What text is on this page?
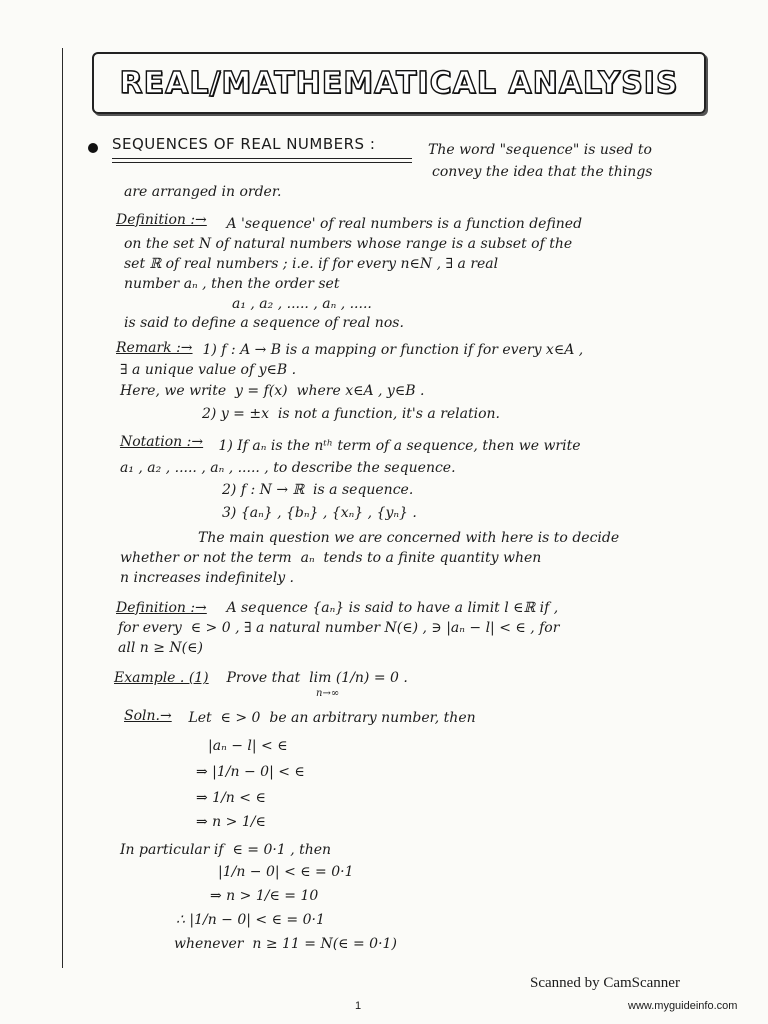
REAL/MATHEMATICAL ANALYSIS
SEQUENCES OF REAL NUMBERS :	The word "sequence" is used to
convey the idea that the things
are arranged in order.
Definition :→ A 'sequence' of real numbers is a function defined
on the set N of natural numbers whose range is a subset of the
set ℝ of real numbers ; i.e. if for every n∈N , ∃ a real
number aₙ , then the order set
a₁ , a₂ , ..... , aₙ , .....
is said to define a sequence of real nos.
Remark :→ 1) f : A → B is a mapping or function if for every x∈A ,
∃ a unique value of y∈B .
Here, we write  y = f(x)  where x∈A , y∈B .
2) y = ±x  is not a function, it's a relation.
Notation :→ 1) If aₙ is the nᵗʰ term of a sequence, then we write
a₁ , a₂ , ..... , aₙ , ..... , to describe the sequence.
2) f : N → ℝ  is a sequence.
3) {aₙ} , {bₙ} , {xₙ} , {yₙ} .
The main question we are concerned with here is to decide
whether or not the term  aₙ  tends to a finite quantity when
n increases indefinitely .
Definition :→ A sequence {aₙ} is said to have a limit l ∈ℝ if ,
for every  ∈ > 0 , ∃ a natural number N(∈) , ∋ |aₙ − l| < ∈ , for
all n ≥ N(∈)
Example . (1) Prove that  lim (1/n) = 0 .
n→∞
Soln.→ Let  ∈ > 0  be an arbitrary number, then
|aₙ − l| < ∈
⇒ |1/n − 0| < ∈
⇒ 1/n < ∈
⇒ n > 1/∈
In particular if  ∈ = 0·1 , then
|1/n − 0| < ∈ = 0·1
⇒ n > 1/∈ = 10
∴ |1/n − 0| < ∈ = 0·1
whenever  n ≥ 11 = N(∈ = 0·1)
Scanned by CamScanner
1	www.myguideinfo.com
